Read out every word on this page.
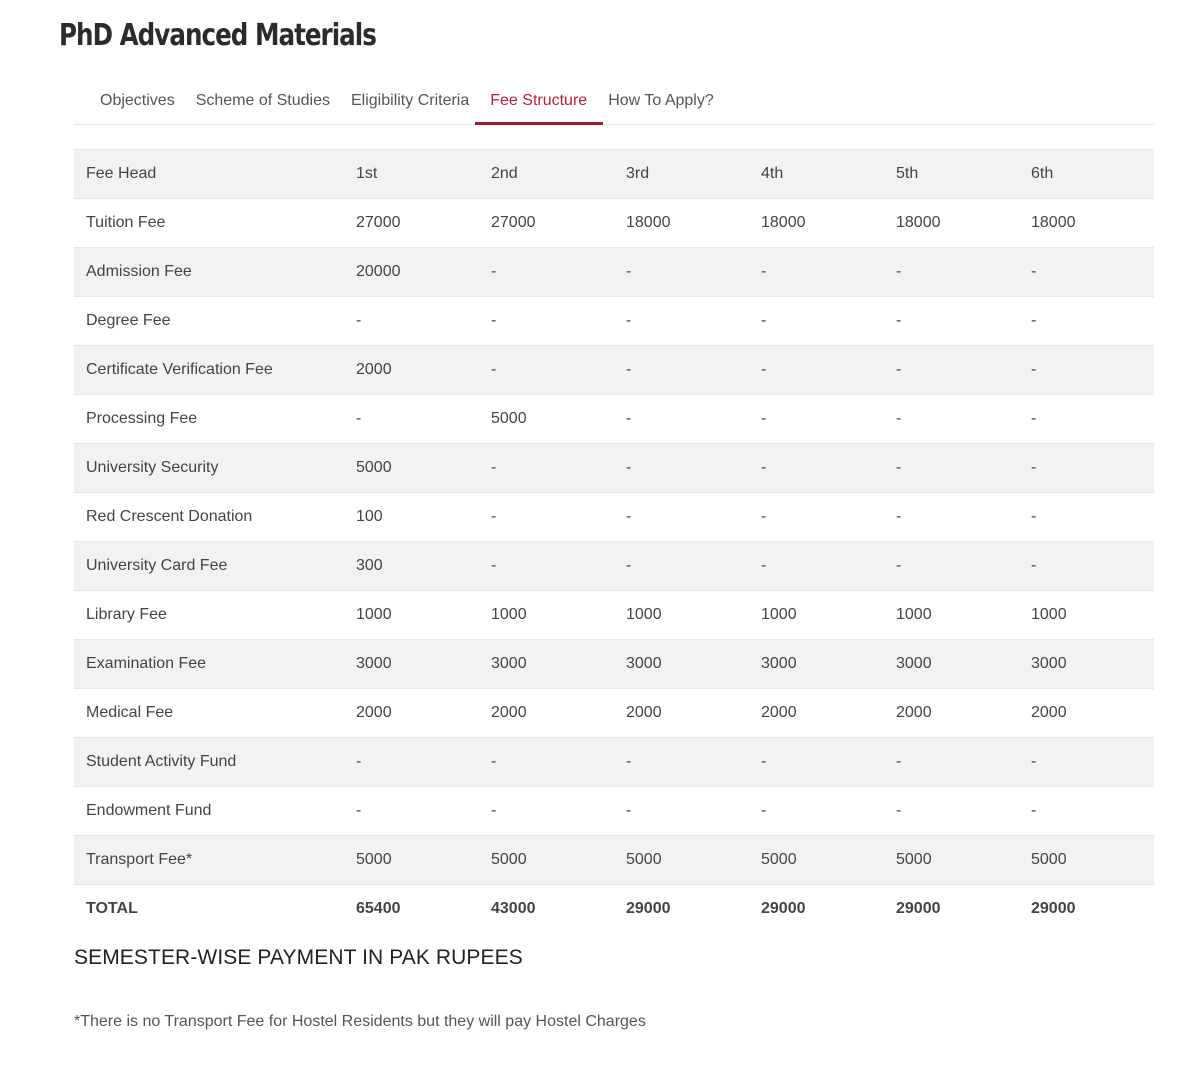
PhD Advanced Materials
Objectives	Scheme of Studies	Eligibility Criteria	Fee Structure	How To Apply?
Fee Head	1st	2nd	3rd	4th	5th	6th
Tuition Fee	27000	27000	18000	18000	18000	18000
Admission Fee	20000	-	-	-	-	-
Degree Fee	-	-	-	-	-	-
Certificate Verification Fee	2000	-	-	-	-	-
Processing Fee	-	5000	-	-	-	-
University Security	5000	-	-	-	-	-
Red Crescent Donation	100	-	-	-	-	-
University Card Fee	300	-	-	-	-	-
Library Fee	1000	1000	1000	1000	1000	1000
Examination Fee	3000	3000	3000	3000	3000	3000
Medical Fee	2000	2000	2000	2000	2000	2000
Student Activity Fund	-	-	-	-	-	-
Endowment Fund	-	-	-	-	-	-
Transport Fee*	5000	5000	5000	5000	5000	5000
TOTAL	65400	43000	29000	29000	29000	29000
SEMESTER-WISE PAYMENT IN PAK RUPEES

*There is no Transport Fee for Hostel Residents but they will pay Hostel Charges
